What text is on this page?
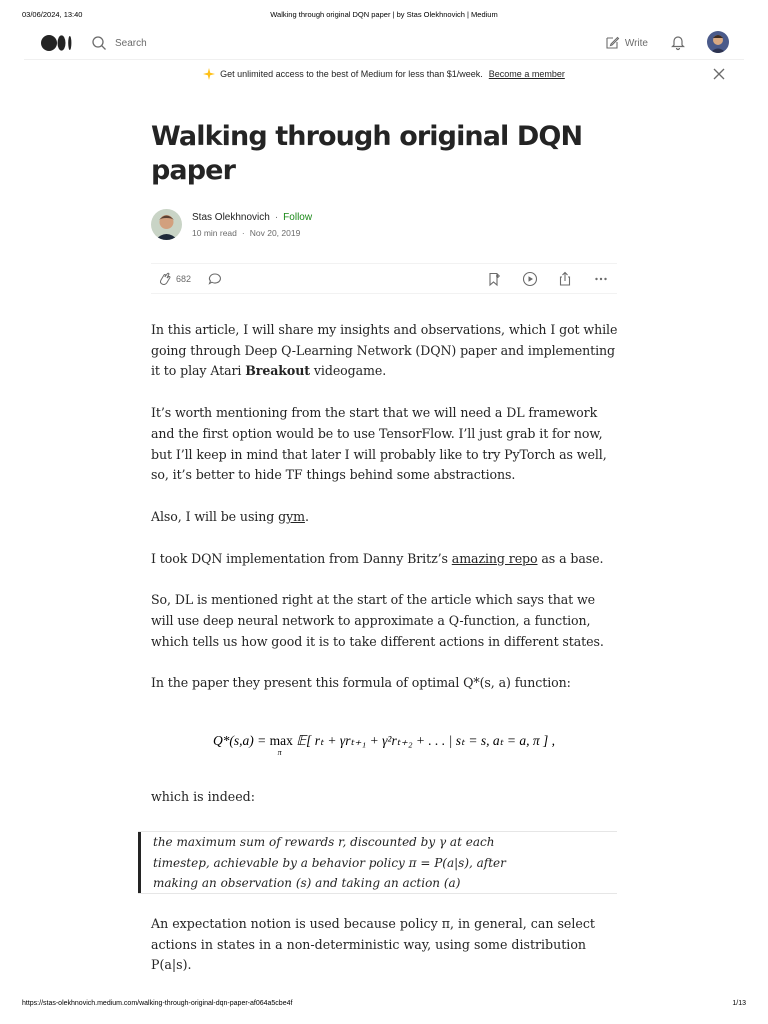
03/06/2024, 13:40	Walking through original DQN paper | by Stas Olekhnovich | Medium
Search	Write
Get unlimited access to the best of Medium for less than $1/week. Become a member
Walking through original DQN paper
Stas Olekhnovich · Follow
10 min read · Nov 20, 2019
682

In this article, I will share my insights and observations, which I got while going through Deep Q-Learning Network (DQN) paper and implementing it to play Atari Breakout videogame.

It’s worth mentioning from the start that we will need a DL framework and the first option would be to use TensorFlow. I’ll just grab it for now, but I’ll keep in mind that later I will probably like to try PyTorch as well, so, it’s better to hide TF things behind some abstractions.

Also, I will be using gym.

I took DQN implementation from Danny Britz’s amazing repo as a base.

So, DL is mentioned right at the start of the article which says that we will use deep neural network to approximate a Q-function, a function, which tells us how good it is to take different actions in different states.

In the paper they present this formula of optimal Q*(s, a) function:

Q*(s,a) = max
π
𝔼[ rₜ + γrₜ₊₁ + γ²rₜ₊₂ + . . . | sₜ = s, aₜ = a, π ] ,
which is indeed:
the maximum sum of rewards r, discounted by γ at each timestep, achievable by a behavior policy π = P(a|s), after making an observation (s) and taking an action (a)
An expectation notion is used because policy π, in general, can select actions in states in a non-deterministic way, using some distribution P(a|s).
https://stas-olekhnovich.medium.com/walking-through-original-dqn-paper-af064a5cbe4f	1/13
